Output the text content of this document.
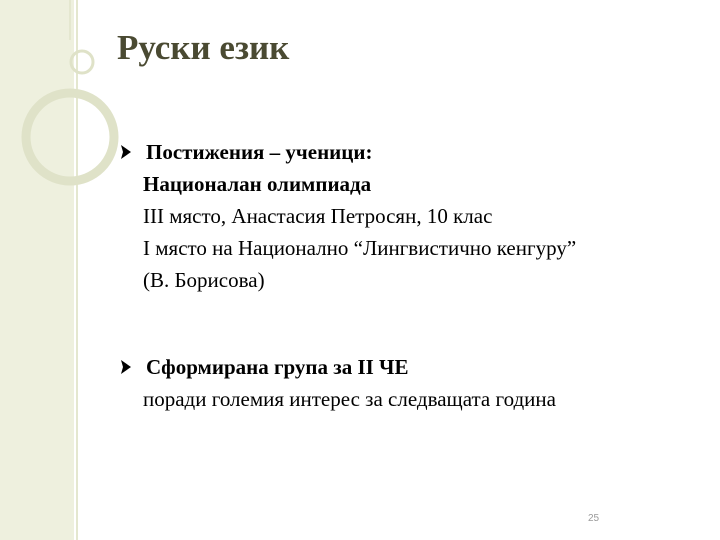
Руски език
Постижения – ученици:
Националан олимпиада
III място, Анастасия Петросян, 10 клас
I място на Национално “Лингвистично кенгуру”
(В. Борисова)
Сформирана група за II ЧЕ
поради големия интерес за следващата година
25
